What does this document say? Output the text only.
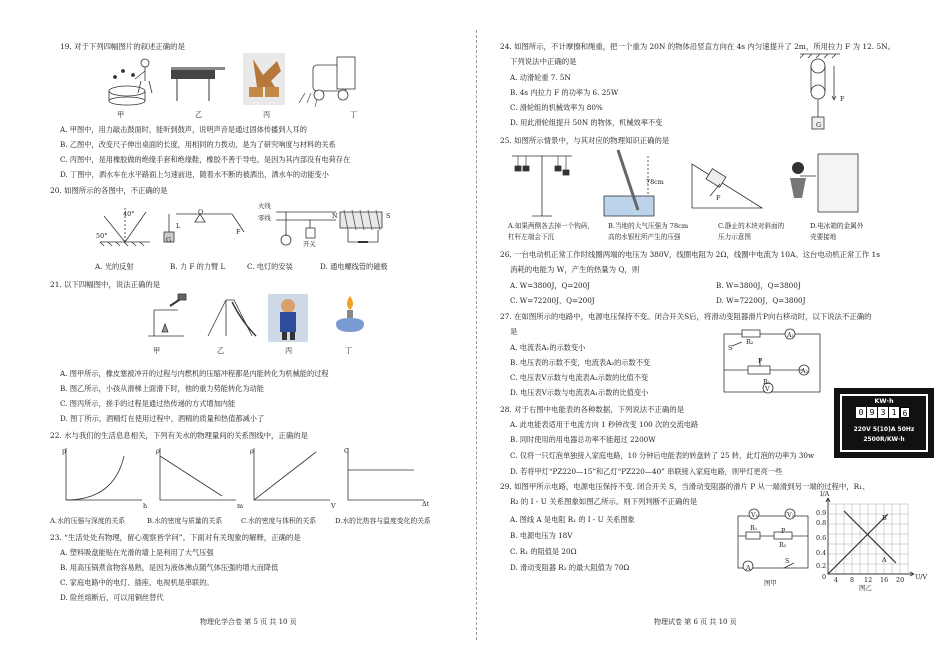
19. 对于下列四幅图片的叙述正确的是
甲	乙	丙	丁
A. 甲图中，用力敲击鼓面时，能听到鼓声，说明声音是通过固体传播到人耳的
B. 乙图中，改变尺子伸出桌面的长度，用相同的力拨动，是为了研究响度与材料的关系
C. 丙图中，是用橡胶做的绝缘手套和绝缘鞋，橡胶不善于导电，是因为其内部没有电荷存在
D. 丁图中，洒水车在水平路面上匀速前进，随着水不断的被洒出，洒水车的动能变小
20. 如图所示的各图中，不正确的是
40°
50°
O
F
L
G
火线
零线
开关
N	S
A. 光的反射	B. 力 F 的力臂 L	C. 电灯的安装	D. 通电螺线管的磁极
21. 以下四幅图中，说法正确的是
甲	乙	丙	丁
A. 图甲所示，橡皮塞被冲开的过程与内燃机的压缩冲程都是内能转化为机械能的过程
B. 图乙所示，小孩从滑梯上面滑下时，他的重力势能转化为动能
C. 图丙所示，搓手的过程是通过热传递的方式增加内能
D. 图丁所示，酒精灯在使用过程中，酒精的质量和热值都减小了
22. 水与我们的生活息息相关，下列有关水的物理量间的关系图线中，正确的是
p
h
ρ
m
ρ
V
C
Δt
A.水的压强与深度的关系	B.水的密度与质量的关系	C.水的密度与体积的关系	D.水的比热容与温度变化的关系
23. “生活处处有物理，留心观察皆学问”。下面对有关现象的解释，正确的是
A. 塑料吸盘能贴在光滑的墙上是利用了大气压强
B. 用高压锅煮食物容易熟，是因为液体沸点随气体压强的增大而降低
C. 家庭电路中的电灯、插座、电视机是串联的。
D. 险丝熔断后，可以用铜丝替代
物理化学合卷 第 5 页 共 10 页
24. 如图所示，不计摩擦和绳重，把一个重为 20N 的物体沿竖直方向在 4s 内匀速提升了 2m，所用拉力 F 为 12. 5N。
下列说法中正确的是
A. 动滑轮重 7. 5N
B. 4s 内拉力 F 的功率为 6. 25W
C. 滑轮组的机械效率为 80%
D. 用此滑轮组提升 50N 的物体，机械效率不变
F
G
25. 如图所示情景中，与其对应的物理知识正确的是
78cm
F
A.如果两侧各去掉一个钩码，
杠杆左端会下沉
B.当地的大气压强为 78cm
高的水银柱所产生的压强
C.静止的木块对斜面的
压力示意图
D.电冰箱的金属外
壳要接地
26. 一台电动机正常工作时线圈两端的电压为 380V，线圈电阻为 2Ω，线圈中电流为 10A。这台电动机正常工作 1s
消耗的电能为 W，产生的热量为 Q，则
A. W=3800J，Q=200J	B. W=3800J，Q=3800J
C. W=72200J，Q=200J	D. W=72200J，Q=3800J
27. 在如图所示的电路中，电源电压保持不变。闭合开关S后，将滑动变阻器滑片P向右移动时，以下说法不正确的
是
A. 电流表A₁的示数变小
B. 电压表的示数不变，电流表A₂的示数不变
C. 电压表V示数与电流表A₂示数的比值不变
D. 电压表V示数与电流表A₁示数的比值变小
R₂
A₁
S
P
R₁
A₂
V
28. 对于右图中电能表的各种数据，下列说法不正确的是
A. 此电能表适用于电流方向 1 秒钟改变 100 次的交流电路
B. 同时使用的用电器总功率不能超过 2200W
C. 仅将一只灯泡单独接入家庭电路，10 分钟后电能表的转盘转了 25 转，此灯泡的功率为 30w
D. 若将甲灯“PZ220—15”和乙灯“PZ220—40” 串联接入家庭电路，则甲灯更亮一些
KW·h
0 9 3 1 6
220V 5(10)A 50Hz
2500R/KW·h
29. 如图甲所示电路，电源电压保持不变. 闭合开关 S，当滑动变阻器的滑片 P 从一端滑到另一端的过程中，R₁、
R₂ 的 I - U 关系图象如图乙所示。则下列判断不正确的是
A. 图线 A 是电阻 R₁ 的 I - U 关系图象
B. 电源电压为 18V
C. R₁ 的阻值是 20Ω
D. 滑动变阻器 R₂ 的最大阻值为 70Ω
V₁	V₂
R₁
R₂
P
A
S
图甲
I/A
U/V
0.9
0.8
0.6
0.4
0.2
0 4 8 12 16 20
A
B
图乙
物理试卷 第 6 页 共 10 页
